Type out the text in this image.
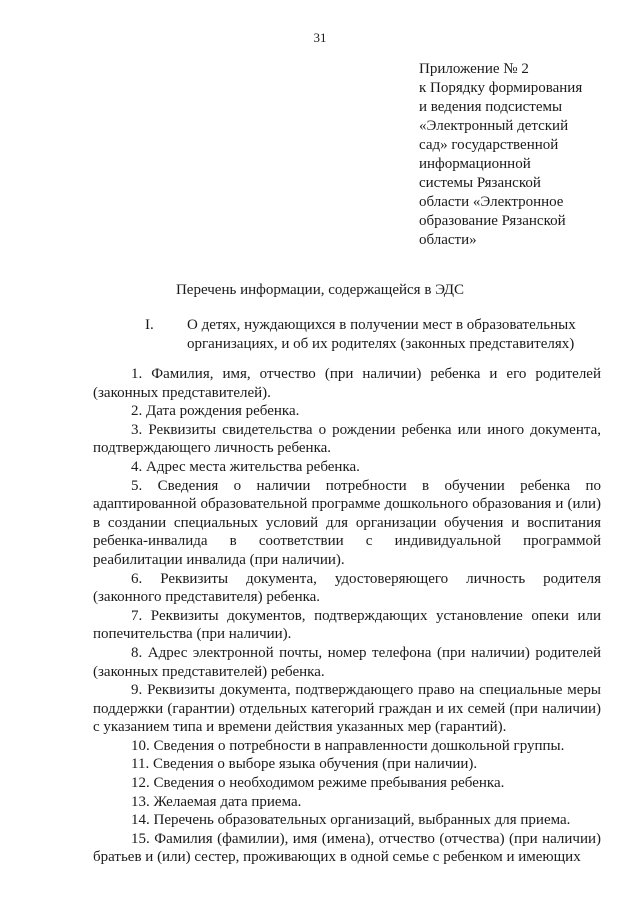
31
Приложение № 2
к Порядку формирования
и ведения подсистемы
«Электронный детский
сад» государственной
информационной
системы Рязанской
области «Электронное
образование Рязанской
области»
Перечень информации, содержащейся в ЭДС
I. О детях, нуждающихся в получении мест в образовательных
организациях, и об их родителях (законных представителях)
1. Фамилия, имя, отчество (при наличии) ребенка и его родителей (законных представителей).
2. Дата рождения ребенка.
3. Реквизиты свидетельства о рождении ребенка или иного документа, подтверждающего личность ребенка.
4. Адрес места жительства ребенка.
5. Сведения о наличии потребности в обучении ребенка по адаптированной образовательной программе дошкольного образования и (или) в создании специальных условий для организации обучения и воспитания ребенка-инвалида в соответствии с индивидуальной программой реабилитации инвалида (при наличии).
6. Реквизиты документа, удостоверяющего личность родителя (законного представителя) ребенка.
7. Реквизиты документов, подтверждающих установление опеки или попечительства (при наличии).
8. Адрес электронной почты, номер телефона (при наличии) родителей (законных представителей) ребенка.
9. Реквизиты документа, подтверждающего право на специальные меры поддержки (гарантии) отдельных категорий граждан и их семей (при наличии) с указанием типа и времени действия указанных мер (гарантий).
10. Сведения о потребности в направленности дошкольной группы.
11. Сведения о выборе языка обучения (при наличии).
12. Сведения о необходимом режиме пребывания ребенка.
13. Желаемая дата приема.
14. Перечень образовательных организаций, выбранных для приема.
15. Фамилия (фамилии), имя (имена), отчество (отчества) (при наличии) братьев и (или) сестер, проживающих в одной семье с ребенком и имеющих
